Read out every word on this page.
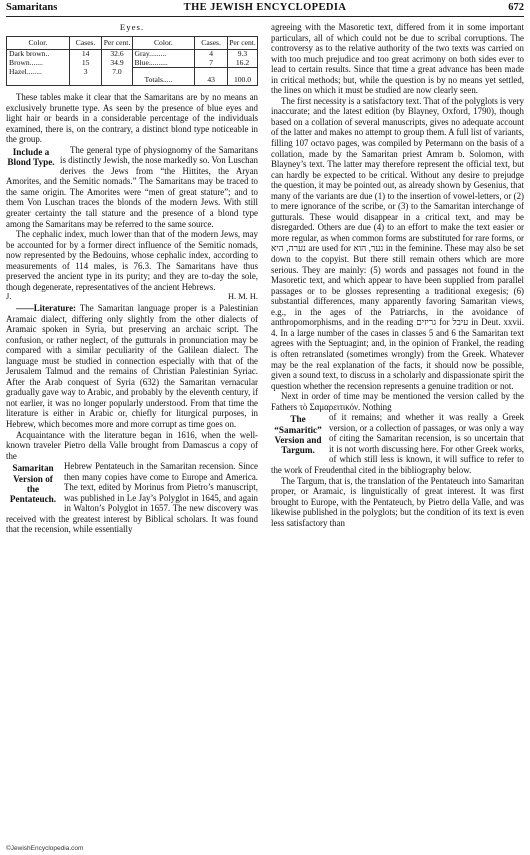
Samaritans	THE JEWISH ENCYCLOPEDIA	672
Eyes.
Color.	Cases.	Per cent.	Color.	Cases.	Per cent.
Dark brown..	14	32.6	Gray.........	4	9.3
Brown.......	15	34.9	Blue..........	7	16.2
Hazel........	3	7.0			
			Totals.....	43	100.0

These tables make it clear that the Samaritans are by no means an exclusively brunette type. As seen by the presence of blue eyes and light hair or beards in a considerable percentage of the individuals examined, there is, on the contrary, a distinct blond type noticeable in the group.

Include a Blond Type.

The general type of physiognomy of the Samaritans is distinctly Jewish, the nose markedly so. Von Luschan derives the Jews from “the Hittites, the Aryan Amorites, and the Semitic nomads.” The Samaritans may be traced to the same origin. The Amorites were “men of great stature”; and to them Von Luschan traces the blonds of the modern Jews. With still greater certainty the tall stature and the presence of a blond type among the Samaritans may be referred to the same source.

The cephalic index, much lower than that of the modern Jews, may be accounted for by a former direct influence of the Semitic nomads, now represented by the Bedouins, whose cephalic index, according to measurements of 114 males, is 76.3. The Samaritans have thus preserved the ancient type in its purity; and they are to-day the sole, though degenerate, representatives of the ancient Hebrews.

J.	H. M. H.

——Literature: The Samaritan language proper is a Palestinian Aramaic dialect, differing only slightly from the other dialects of Aramaic spoken in Syria, but preserving an archaic script. The confusion, or rather neglect, of the gutturals in pronunciation may be compared with a similar peculiarity of the Galilean dialect. The language must be studied in connection especially with that of the Jerusalem Talmud and the remains of Christian Palestinian Syriac. After the Arab conquest of Syria (632) the Samaritan vernacular gradually gave way to Arabic, and probably by the eleventh century, if not earlier, it was no longer popularly understood. From that time the literature is either in Arabic or, chiefly for liturgical purposes, in Hebrew, which becomes more and more corrupt as time goes on.

Acquaintance with the literature began in 1616, when the well-known traveler Pietro della Valle brought from Damascus a copy of the

Samaritan Version of the Pentateuch.

Hebrew Pentateuch in the Samaritan recension. Since then many copies have come to Europe and America. The text, edited by Morinus from Pietro’s manuscript, was published in Le Jay’s Polyglot in 1645, and again in Walton’s Polyglot in 1657. The new discovery was received with the greatest interest by Biblical scholars. It was found that the recension, while essentially

agreeing with the Masoretic text, differed from it in some important particulars, all of which could not be due to scribal corruptions. The controversy as to the relative authority of the two texts was carried on with too much prejudice and too great acrimony on both sides ever to lead to certain results. Since that time a great advance has been made in critical methods; but, while the question is by no means yet settled, the lines on which it must be studied are now clearly seen.

The first necessity is a satisfactory text. That of the polyglots is very inaccurate; and the latest edition (by Blayney, Oxford, 1790), though based on a collation of several manuscripts, gives no adequate account of the latter and makes no attempt to group them. A full list of variants, filling 107 octavo pages, was compiled by Petermann on the basis of a collation, made by the Samaritan priest Amram b. Solomon, with Blayney’s text. The latter may therefore represent the official text, but can hardly be expected to be critical. Without any desire to prejudge the question, it may be pointed out, as already shown by Gesenius, that many of the variants are due (1) to the insertion of vowel-letters, or (2) to mere ignorance of the scribe, or (3) to the Samaritan interchange of gutturals. These would disappear in a critical text, and may be disregarded. Others are due (4) to an effort to make the text easier or more regular, as when common forms are substituted for rare forms, or נערה, היא are used for נער, הוא in the feminine. These may also be set down to the copyist. But there still remain others which are more serious. They are mainly: (5) words and passages not found in the Masoretic text, and which appear to have been supplied from parallel passages or to be glosses representing a traditional exegesis; (6) substantial differences, many apparently favoring Samaritan views, e.g., in the ages of the Patriarchs, in the avoidance of anthropomorphisms, and in the reading גריזים for עיבל in Deut. xxvii. 4. In a large number of the cases in classes 5 and 6 the Samaritan text agrees with the Septuagint; and, in the opinion of Frankel, the reading is often retranslated (sometimes wrongly) from the Greek. Whatever may be the real explanation of the facts, it should now be possible, given a sound text, to discuss in a scholarly and dispassionate spirit the question whether the recension represents a genuine tradition or not.

Next in order of time may be mentioned the version called by the Fathers τὸ Σαμαρειτικόν. Nothing

The “Samaritic” Version and Targum.

of it remains; and whether it was really a Greek version, or a collection of passages, or was only a way of citing the Samaritan recension, is so uncertain that it is not worth discussing here. For other Greek works, of which still less is known, it will suffice to refer to the work of Freudenthal cited in the bibliography below.

The Targum, that is, the translation of the Pentateuch into Samaritan proper, or Aramaic, is linguistically of great interest. It was first brought to Europe, with the Pentateuch, by Pietro della Valle, and was likewise published in the polyglots; but the condition of its text is even less satisfactory than

©JewishEncyclopedia.com
